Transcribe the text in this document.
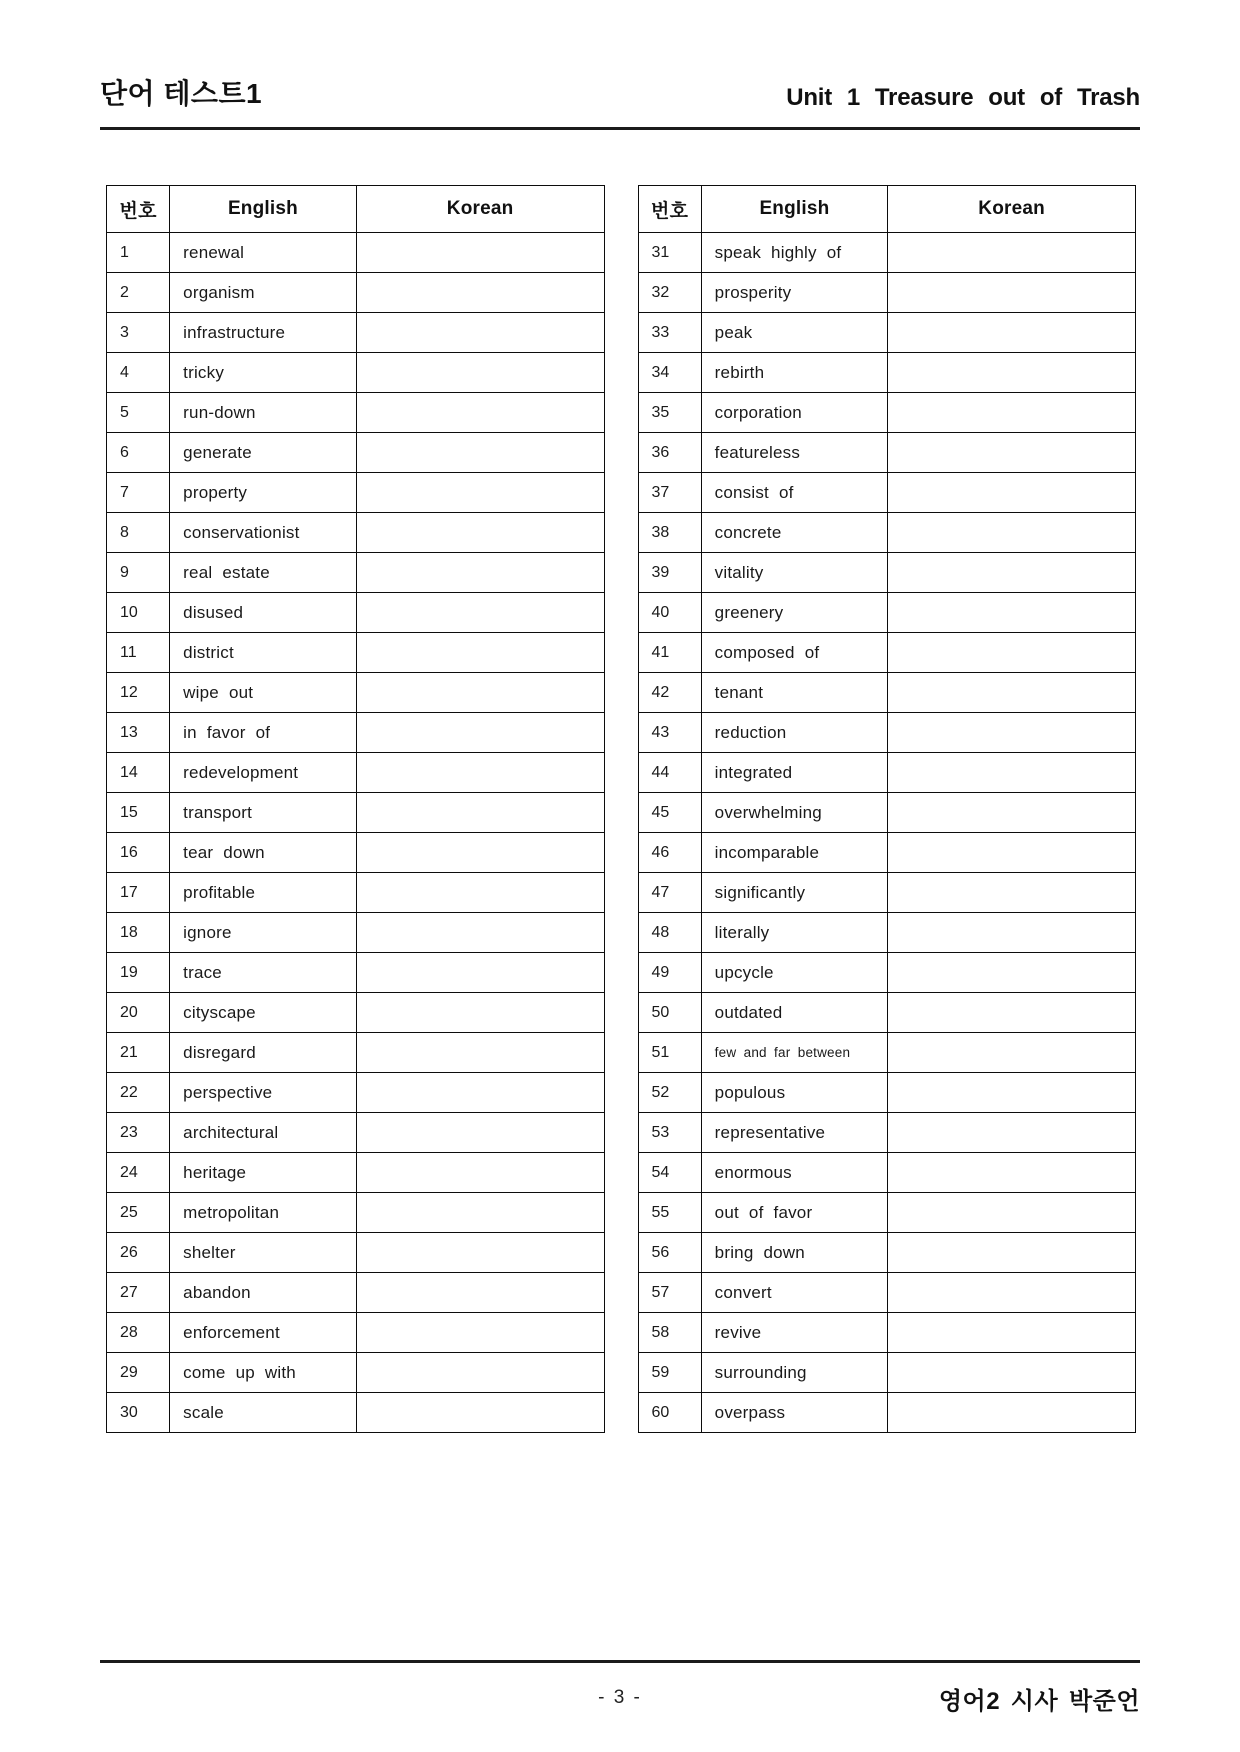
단어 테스트1	Unit 1 Treasure out of Trash
번호	English	Korean
1	renewal	
2	organism	
3	infrastructure	
4	tricky	
5	run-down	
6	generate	
7	property	
8	conservationist	
9	real estate	
10	disused	
11	district	
12	wipe out	
13	in favor of	
14	redevelopment	
15	transport	
16	tear down	
17	profitable	
18	ignore	
19	trace	
20	cityscape	
21	disregard	
22	perspective	
23	architectural	
24	heritage	
25	metropolitan	
26	shelter	
27	abandon	
28	enforcement	
29	come up with	
30	scale	
번호	English	Korean
31	speak highly of	
32	prosperity	
33	peak	
34	rebirth	
35	corporation	
36	featureless	
37	consist of	
38	concrete	
39	vitality	
40	greenery	
41	composed of	
42	tenant	
43	reduction	
44	integrated	
45	overwhelming	
46	incomparable	
47	significantly	
48	literally	
49	upcycle	
50	outdated	
51	few and far between	
52	populous	
53	representative	
54	enormous	
55	out of favor	
56	bring down	
57	convert	
58	revive	
59	surrounding	
60	overpass	
- 3 -	영어2 시사 박준언
